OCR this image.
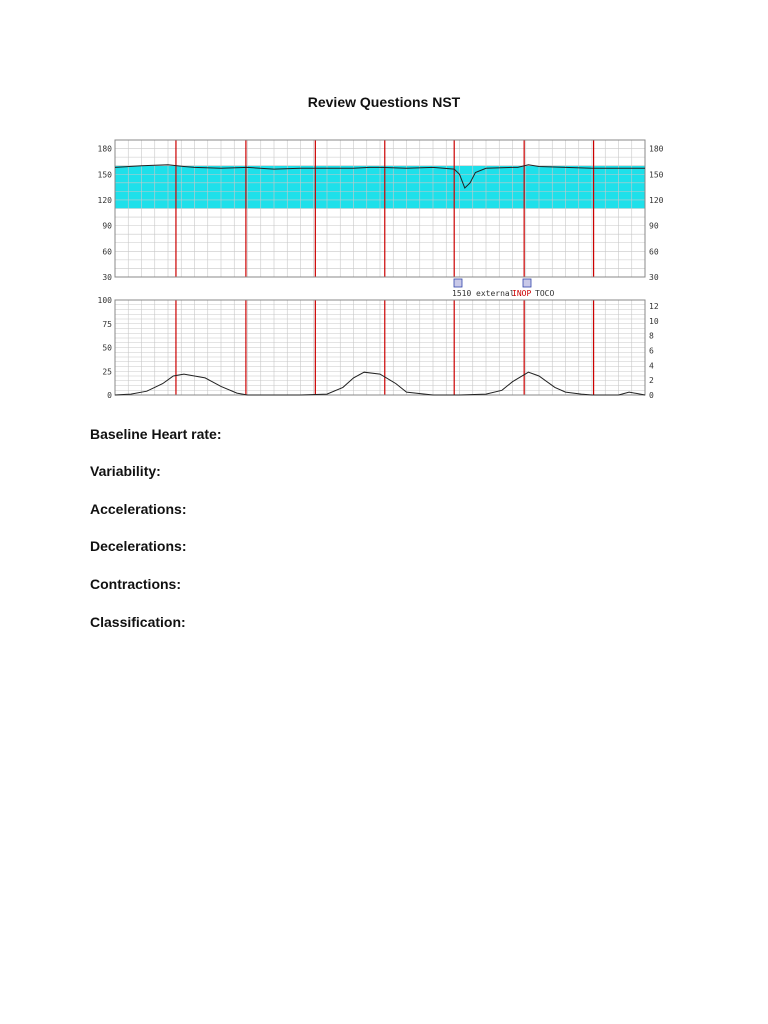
Review Questions NST
30
60
90
120
150
180
30
60
90
120
150
180
1510 external
INOP TOCO
0
25
50
75
100
0
2
4
6
8
10
12
Baseline Heart rate:
Variability:
Accelerations:
Decelerations:
Contractions:
Classification:
